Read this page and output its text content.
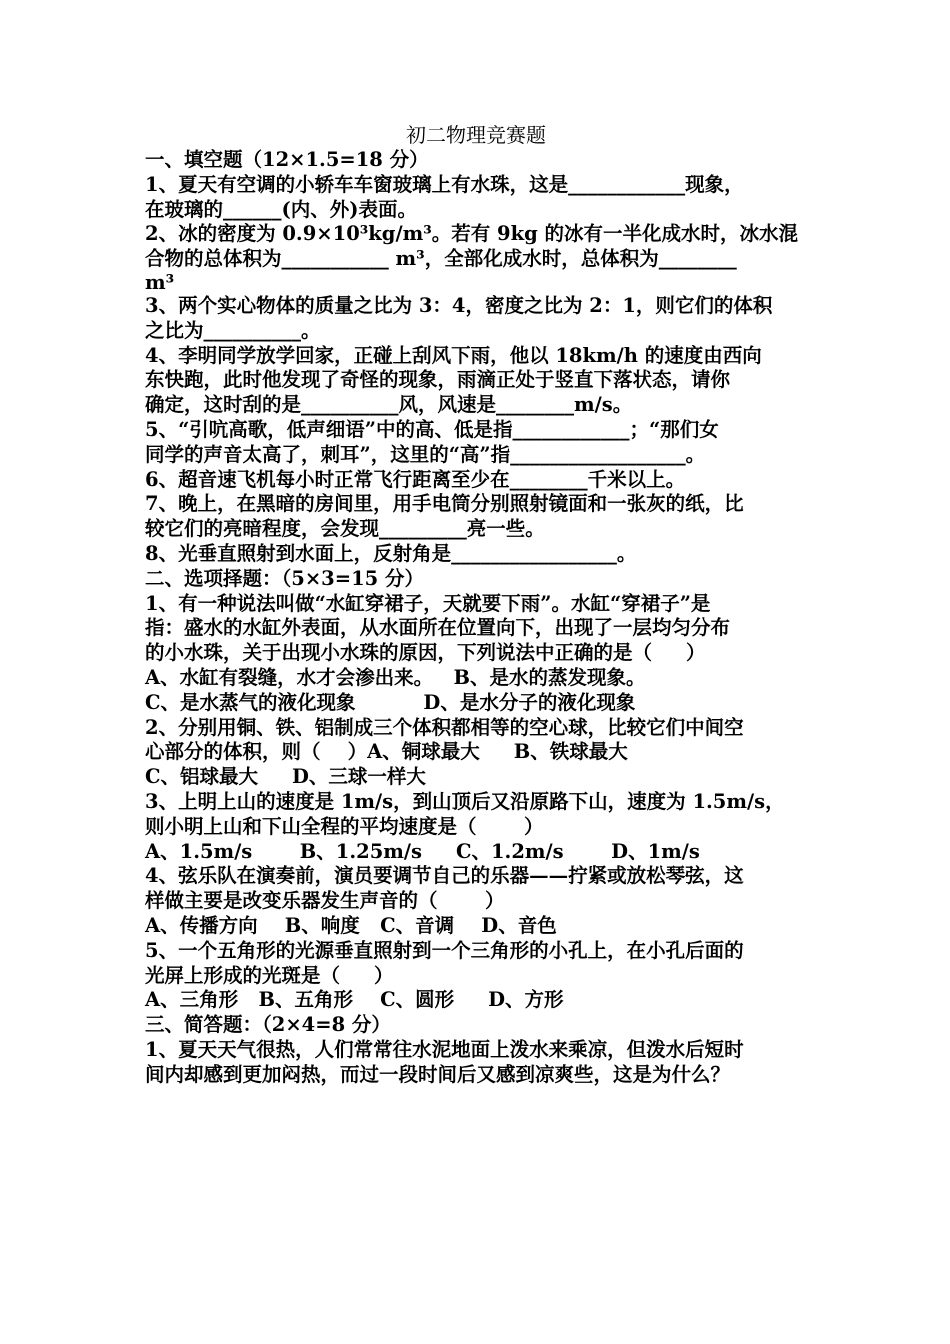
初二物理竞赛题
一、填空题（12×1.5=18 分）
1、夏天有空调的小轿车车窗玻璃上有水珠，这是____________现象，
在玻璃的______(内、外)表面。
2、冰的密度为 0.9×10³kg/m³。若有 9kg 的冰有一半化成水时，冰水混
合物的总体积为___________ m³，全部化成水时，总体积为________
m³
3、两个实心物体的质量之比为 3：4，密度之比为 2：1，则它们的体积
之比为__________。
4、李明同学放学回家，正碰上刮风下雨，他以 18km/h 的速度由西向
东快跑，此时他发现了奇怪的现象，雨滴正处于竖直下落状态，请你
确定，这时刮的是__________风，风速是________m/s。
5、“引吭高歌，低声细语”中的高、低是指____________；“那们女
同学的声音太高了，刺耳”，这里的“高”指__________________。
6、超音速飞机每小时正常飞行距离至少在________千米以上。
7、晚上，在黑暗的房间里，用手电筒分别照射镜面和一张灰的纸，比
较它们的亮暗程度，会发现_________亮一些。
8、光垂直照射到水面上，反射角是_________________。
二、选项择题：（5×3=15 分）
1、有一种说法叫做“水缸穿裙子，天就要下雨”。水缸“穿裙子”是
指：盛水的水缸外表面，从水面所在位置向下，出现了一层均匀分布
的小水珠，关于出现小水珠的原因，下列说法中正确的是（     ）
A、水缸有裂缝，水才会渗出来。   B、是水的蒸发现象。
C、是水蒸气的液化现象          D、是水分子的液化现象
2、分别用铜、铁、铝制成三个体积都相等的空心球，比较它们中间空
心部分的体积，则（    ）A、铜球最大     B、铁球最大
C、铝球最大     D、三球一样大
3、上明上山的速度是 1m/s，到山顶后又沿原路下山，速度为 1.5m/s，
则小明上山和下山全程的平均速度是（       ）
A、1.5m/s       B、1.25m/s     C、1.2m/s       D、1m/s
4、弦乐队在演奏前，演员要调节自己的乐器——拧紧或放松琴弦，这
样做主要是改变乐器发生声音的（       ）
A、传播方向    B、响度   C、音调    D、音色
5、一个五角形的光源垂直照射到一个三角形的小孔上，在小孔后面的
光屏上形成的光斑是（     ）
A、三角形   B、五角形    C、圆形     D、方形
三、简答题：（2×4=8 分）
1、夏天天气很热，人们常常往水泥地面上泼水来乘凉，但泼水后短时
间内却感到更加闷热，而过一段时间后又感到凉爽些，这是为什么？
